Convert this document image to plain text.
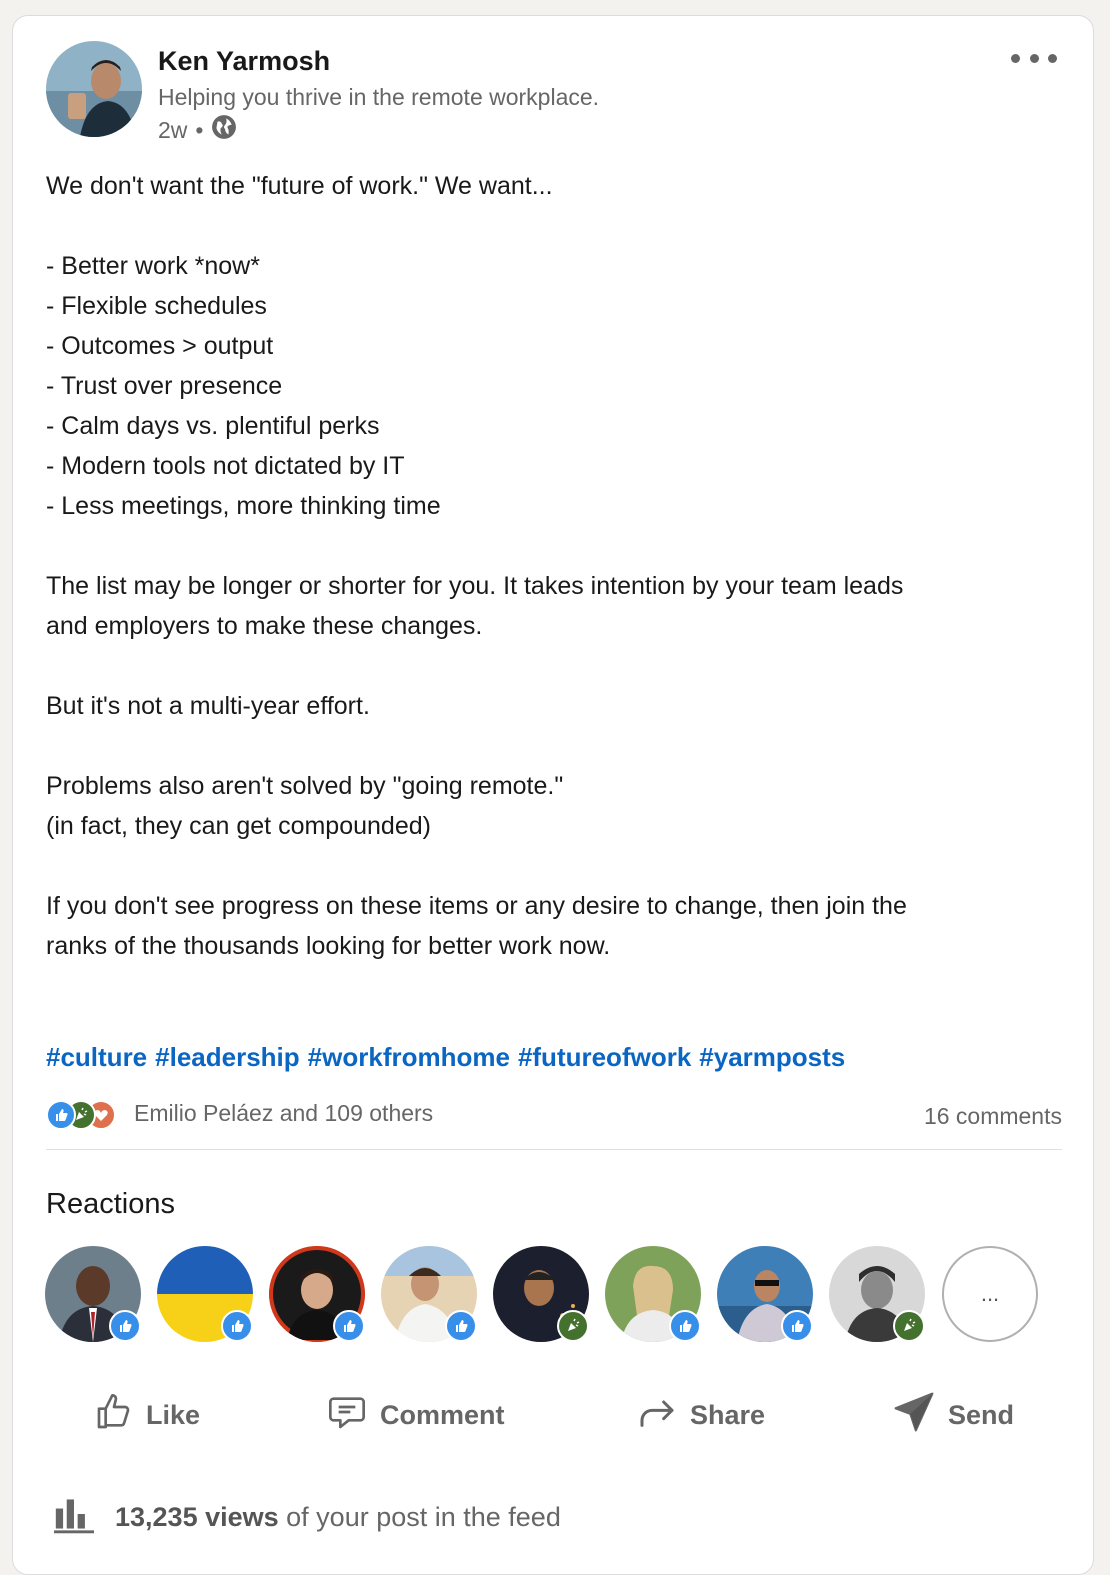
Ken Yarmosh
Helping you thrive in the remote workplace.
2w •
We don't want the "future of work." We want...
- Better work *now*
- Flexible schedules
- Outcomes > output
- Trust over presence
- Calm days vs. plentiful perks
- Modern tools not dictated by IT
- Less meetings, more thinking time
The list may be longer or shorter for you. It takes intention by your team leads
and employers to make these changes.
But it's not a multi-year effort.
Problems also aren't solved by "going remote."
(in fact, they can get compounded)
If you don't see progress on these items or any desire to change, then join the
ranks of the thousands looking for better work now.
#culture #leadership #workfromhome #futureofwork #yarmposts
Emilio Peláez and 109 others	16 comments
Reactions
...
Like	Comment	Share	Send
13,235 views of your post in the feed
